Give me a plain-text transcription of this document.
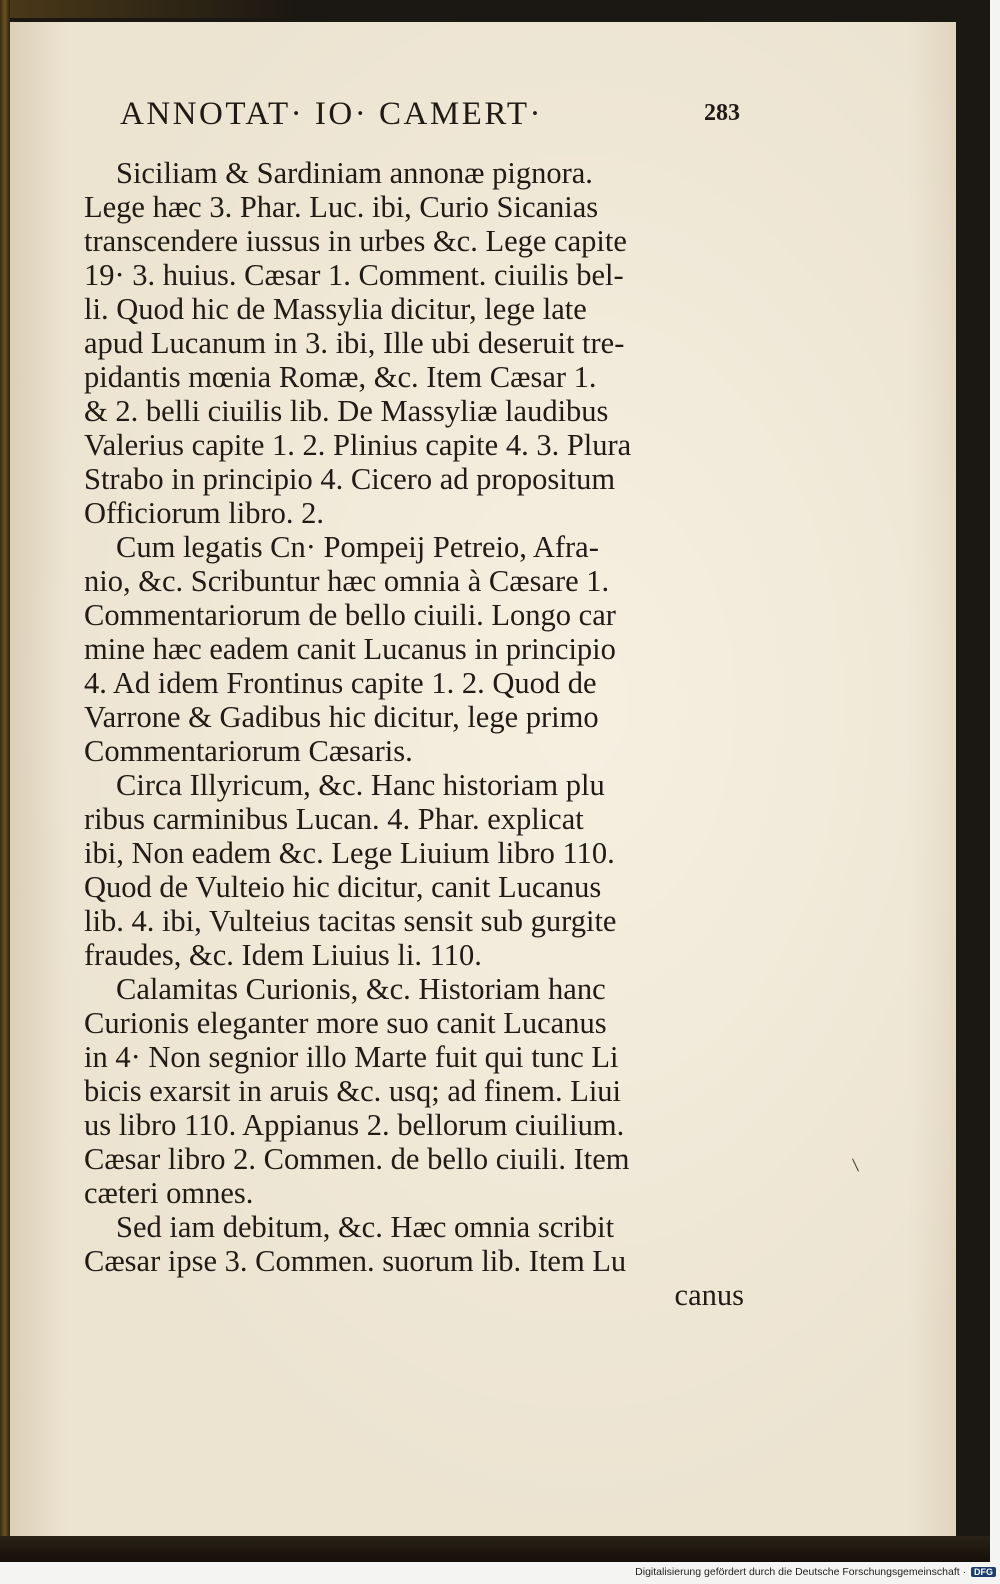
ANNOTAT· IO· CAMERT·	283
Siciliam & Sardiniam annonæ pignora.
Lege hæc 3. Phar. Luc. ibi, Curio Sicanias
transcendere iussus in urbes &c. Lege capite
19· 3. huius. Cæsar 1. Comment. ciuilis bel-
li. Quod hic de Massylia dicitur, lege late
apud Lucanum in 3. ibi, Ille ubi deseruit tre-
pidantis mœnia Romæ, &c. Item Cæsar 1.
& 2. belli ciuilis lib. De Massyliæ laudibus
Valerius capite 1. 2. Plinius capite 4. 3. Plura
Strabo in principio 4. Cicero ad propositum
Officiorum libro. 2.
Cum legatis Cn· Pompeij Petreio, Afra-
nio, &c. Scribuntur hæc omnia à Cæsare 1.
Commentariorum de bello ciuili. Longo car
mine hæc eadem canit Lucanus in principio
4. Ad idem Frontinus capite 1. 2. Quod de
Varrone & Gadibus hic dicitur, lege primo
Commentariorum Cæsaris.
Circa Illyricum, &c. Hanc historiam plu
ribus carminibus Lucan. 4. Phar. explicat
ibi, Non eadem &c. Lege Liuium libro 110.
Quod de Vulteio hic dicitur, canit Lucanus
lib. 4. ibi, Vulteius tacitas sensit sub gurgite
fraudes, &c. Idem Liuius li. 110.
Calamitas Curionis, &c. Historiam hanc
Curionis eleganter more suo canit Lucanus
in 4· Non segnior illo Marte fuit qui tunc Li
bicis exarsit in aruis &c. usq; ad finem. Liui
us libro 110. Appianus 2. bellorum ciuilium.
Cæsar libro 2. Commen. de bello ciuili. Item
cæteri omnes.
Sed iam debitum, &c. Hæc omnia scribit
Cæsar ipse 3. Commen. suorum lib. Item Lu
canus
Digitalisierung gefördert durch die Deutsche Forschungsgemeinschaft · DFG
